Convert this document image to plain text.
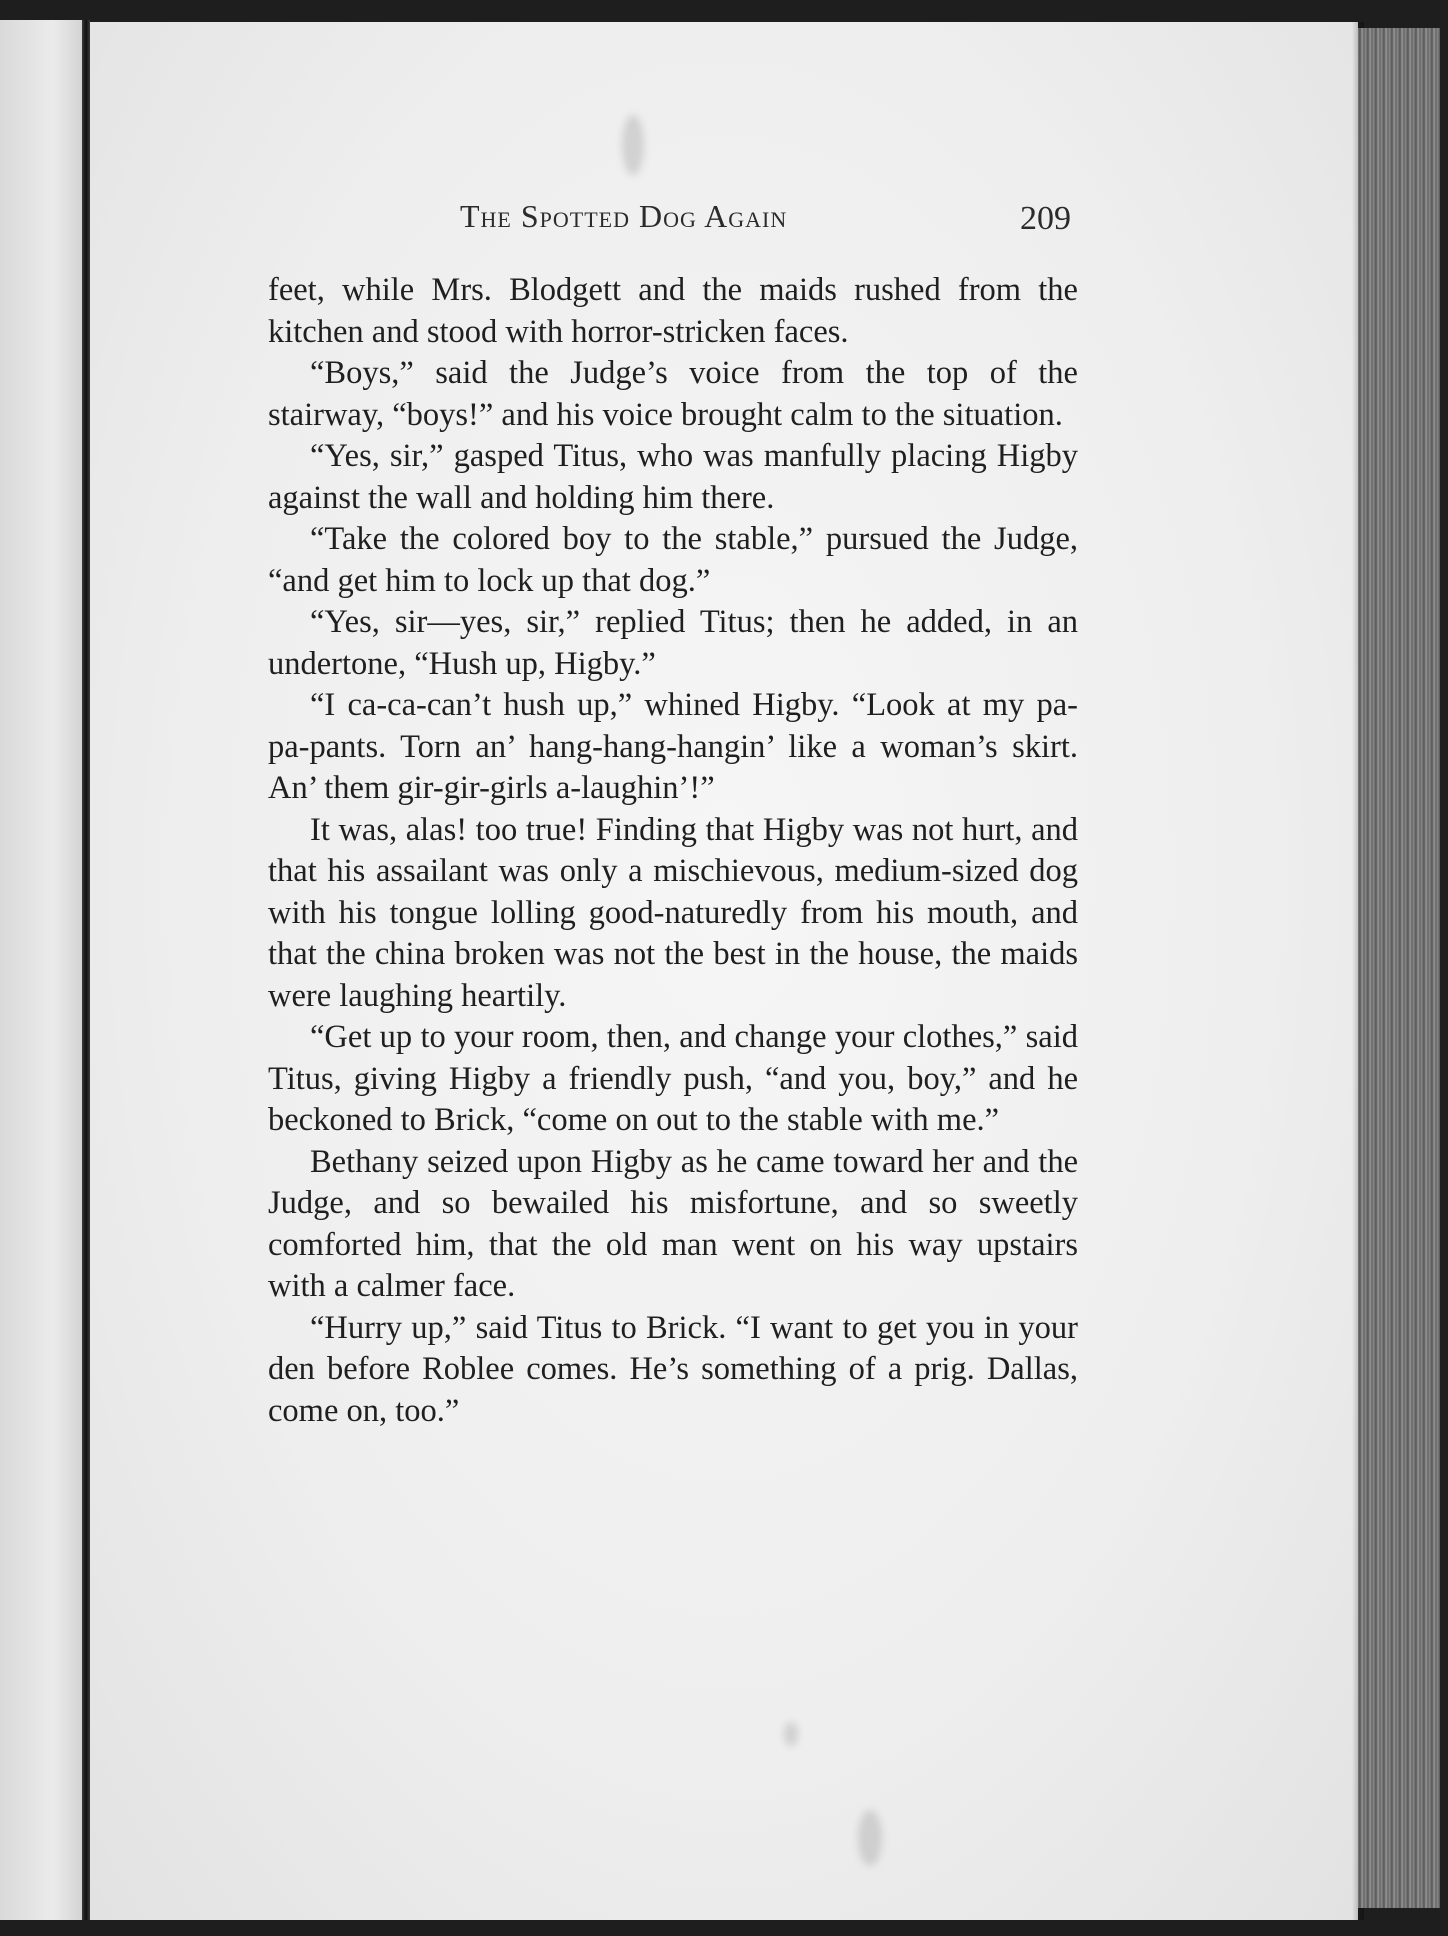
The Spotted Dog Again	209

feet, while Mrs. Blodgett and the maids rushed from the kitchen and stood with horror-stricken faces.

“Boys,” said the Judge’s voice from the top of the stairway, “boys!” and his voice brought calm to the situation.

“Yes, sir,” gasped Titus, who was manfully placing Higby against the wall and holding him there.

“Take the colored boy to the stable,” pursued the Judge, “and get him to lock up that dog.”

“Yes, sir—yes, sir,” replied Titus; then he added, in an undertone, “Hush up, Higby.”

“I ca-ca-can’t hush up,” whined Higby. “Look at my pa-pa-pants. Torn an’ hang-hang-hangin’ like a woman’s skirt. An’ them gir-gir-girls a-laughin’!”

It was, alas! too true! Finding that Higby was not hurt, and that his assailant was only a mischievous, medium-sized dog with his tongue lolling good-naturedly from his mouth, and that the china broken was not the best in the house, the maids were laughing heartily.

“Get up to your room, then, and change your clothes,” said Titus, giving Higby a friendly push, “and you, boy,” and he beckoned to Brick, “come on out to the stable with me.”

Bethany seized upon Higby as he came toward her and the Judge, and so bewailed his misfortune, and so sweetly comforted him, that the old man went on his way upstairs with a calmer face.

“Hurry up,” said Titus to Brick. “I want to get you in your den before Roblee comes. He’s something of a prig. Dallas, come on, too.”
